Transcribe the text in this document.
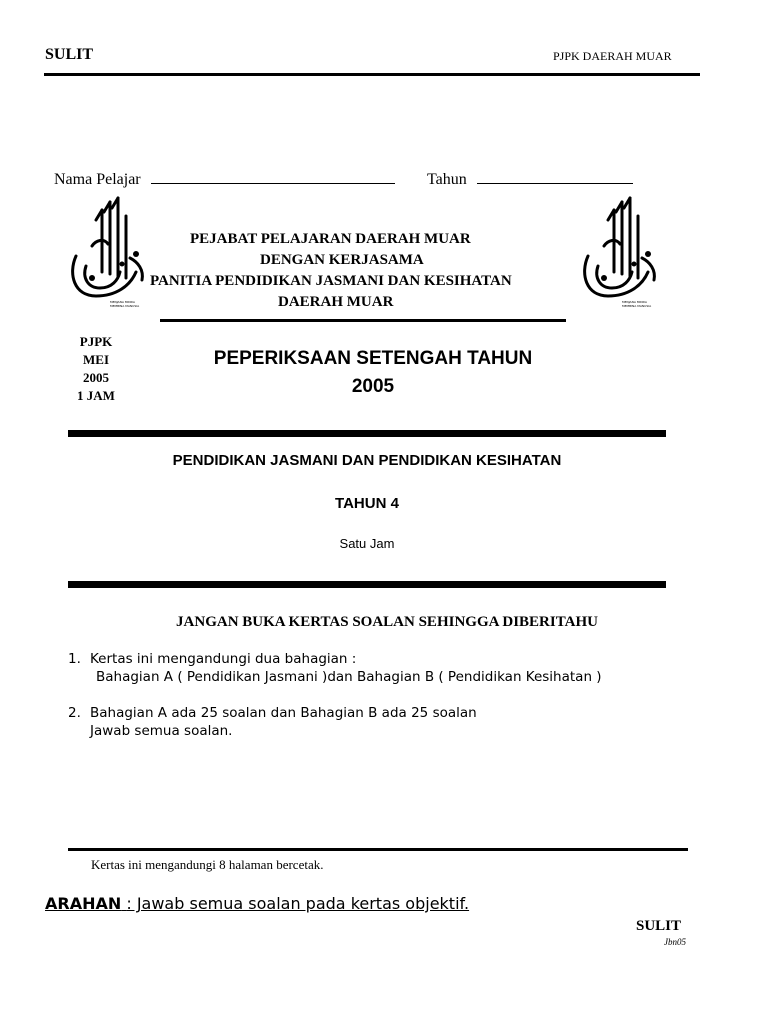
SULIT	PJPK DAERAH MUAR
Nama Pelajar	Tahun
MENJANA MINDA
MEMBINA MANUSIA
MENJANA MINDA
MEMBINA MANUSIA
PEJABAT PELAJARAN DAERAH MUAR
DENGAN KERJASAMA
PANITIA PENDIDIKAN JASMANI DAN KESIHATAN
DAERAH MUAR
PJPK
MEI
2005
1 JAM
PEPERIKSAAN SETENGAH TAHUN
2005
PENDIDIKAN JASMANI DAN PENDIDIKAN KESIHATAN
TAHUN 4
Satu Jam
JANGAN BUKA KERTAS SOALAN SEHINGGA DIBERITAHU
1. Kertas ini mengandungi dua bahagian :
Bahagian A ( Pendidikan Jasmani )dan Bahagian B ( Pendidikan Kesihatan )
2. Bahagian A ada 25 soalan dan Bahagian B ada 25 soalan
Jawab semua soalan.
Kertas ini mengandungi 8 halaman bercetak.
ARAHAN : Jawab semua soalan pada kertas objektif.
SULIT
Jbn05
